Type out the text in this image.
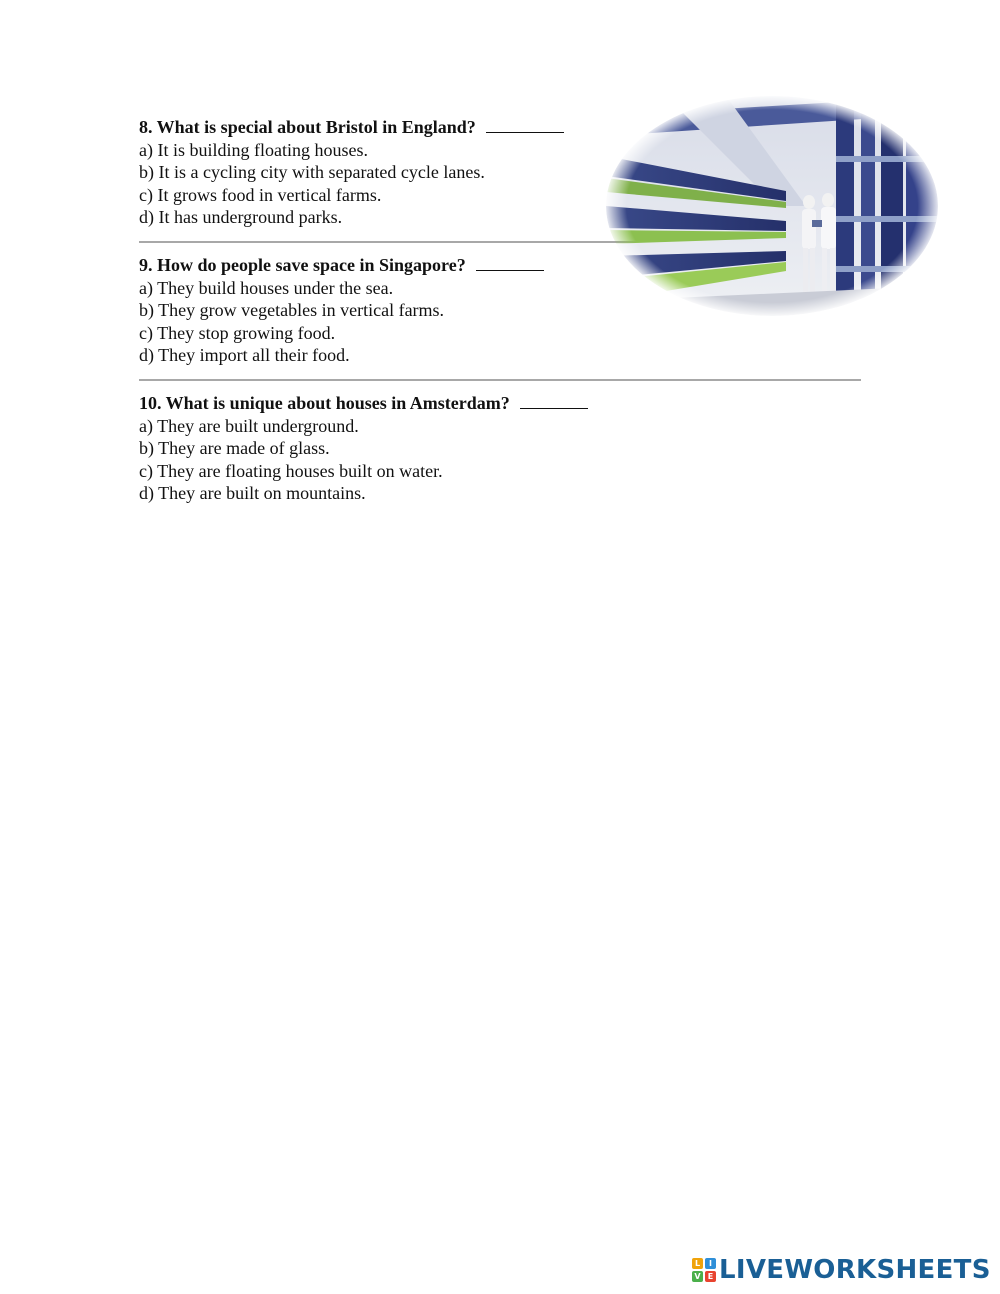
8. What is special about Bristol in England?
a) It is building floating houses.
b) It is a cycling city with separated cycle lanes.
c) It grows food in vertical farms.
d) It has underground parks.
9. How do people save space in Singapore?
a) They build houses under the sea.
b) They grow vegetables in vertical farms.
c) They stop growing food.
d) They import all their food.
10. What is unique about houses in Amsterdam?
a) They are built underground.
b) They are made of glass.
c) They are floating houses built on water.
d) They are built on mountains.
L	I
V E LIVEWORKSHEETS
